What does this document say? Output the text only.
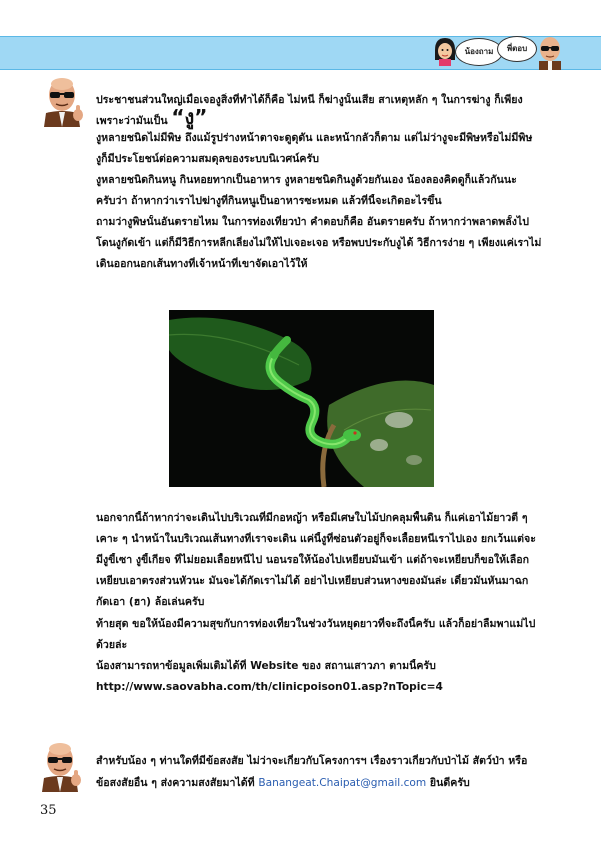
น้องถาม	พี่ตอบ
ประชาชนส่วนใหญ่เมื่อเจองูสิ่งที่ทำได้ก็คือ ไม่หนี ก็ฆ่างูนั้นเสีย สาเหตุหลัก ๆ ในการฆ่างู ก็เพียง
เพราะว่ามันเป็น “งู”
งูหลายชนิดไม่มีพิษ ถึงแม้รูปร่างหน้าตาจะดูดุดัน และหน้ากลัวก็ตาม แต่ไม่ว่างูจะมีพิษหรือไม่มีพิษ
งูก็มีประโยชน์ต่อความสมดุลของระบบนิเวศน์ครับ
งูหลายชนิดกินหนู กินหอยทากเป็นอาหาร งูหลายชนิดกินงูด้วยกันเอง น้องลองคิดดูก็แล้วกันนะ
ครับว่า ถ้าหากว่าเราไปฆ่างูที่กินหนูเป็นอาหารซะหมด แล้วที่นี้จะเกิดอะไรขึ้น
ถามว่างูพิษนั้นอันตรายไหม ในการท่องเที่ยวป่า คำตอบก็คือ อันตรายครับ ถ้าหากว่าพลาดพลั้งไป
โดนงูกัดเข้า แต่ก็มีวิธีการหลีกเลี่ยงไม่ให้ไปเจอะเจอ หรือพบประกับงูได้ วิธีการง่าย ๆ เพียงแค่เราไม่
เดินออกนอกเส้นทางที่เจ้าหน้าที่เขาจัดเอาไว้ให้
นอกจากนี้ถ้าหากว่าจะเดินไปบริเวณที่มีกอหญ้า หรือมีเศษใบไม้ปกคลุมพื้นดิน ก็แค่เอาไม้ยาวตี ๆ
เคาะ ๆ นำหน้าในบริเวณเส้นทางที่เราจะเดิน แค่นี้งูที่ซ่อนตัวอยู่ก็จะเลื้อยหนีเราไปเอง ยกเว้นแต่จะ
มีงูขี้เซา งูขี้เกียจ ที่ไม่ยอมเลื้อยหนีไป นอนรอให้น้องไปเหยียบมันเข้า แต่ถ้าจะเหยียบก็ขอให้เลือก
เหยียบเอาตรงส่วนหัวนะ มันจะได้กัดเราไม่ได้ อย่าไปเหยียบส่วนหางของมันล่ะ เดี๋ยวมันหันมาฉก
กัดเอา (ฮา) ล้อเล่นครับ
ท้ายสุด ขอให้น้องมีความสุขกับการท่องเที่ยวในช่วงวันหยุดยาวที่จะถึงนี้ครับ แล้วก็อย่าลืมพาแม่ไป
ด้วยล่ะ
น้องสามารถหาข้อมูลเพิ่มเติมได้ที่ Website ของ สถานเสาวภา ตามนี้ครับ
http://www.saovabha.com/th/clinicpoison01.asp?nTopic=4
สำหรับน้อง ๆ ท่านใดที่มีข้อสงสัย ไม่ว่าจะเกี่ยวกับโครงการฯ เรื่องราวเกี่ยวกับป่าไม้ สัตว์ป่า หรือ
ข้อสงสัยอื่น ๆ ส่งความสงสัยมาได้ที่ Banangeat.Chaipat@gmail.com ยินดีครับ
35
